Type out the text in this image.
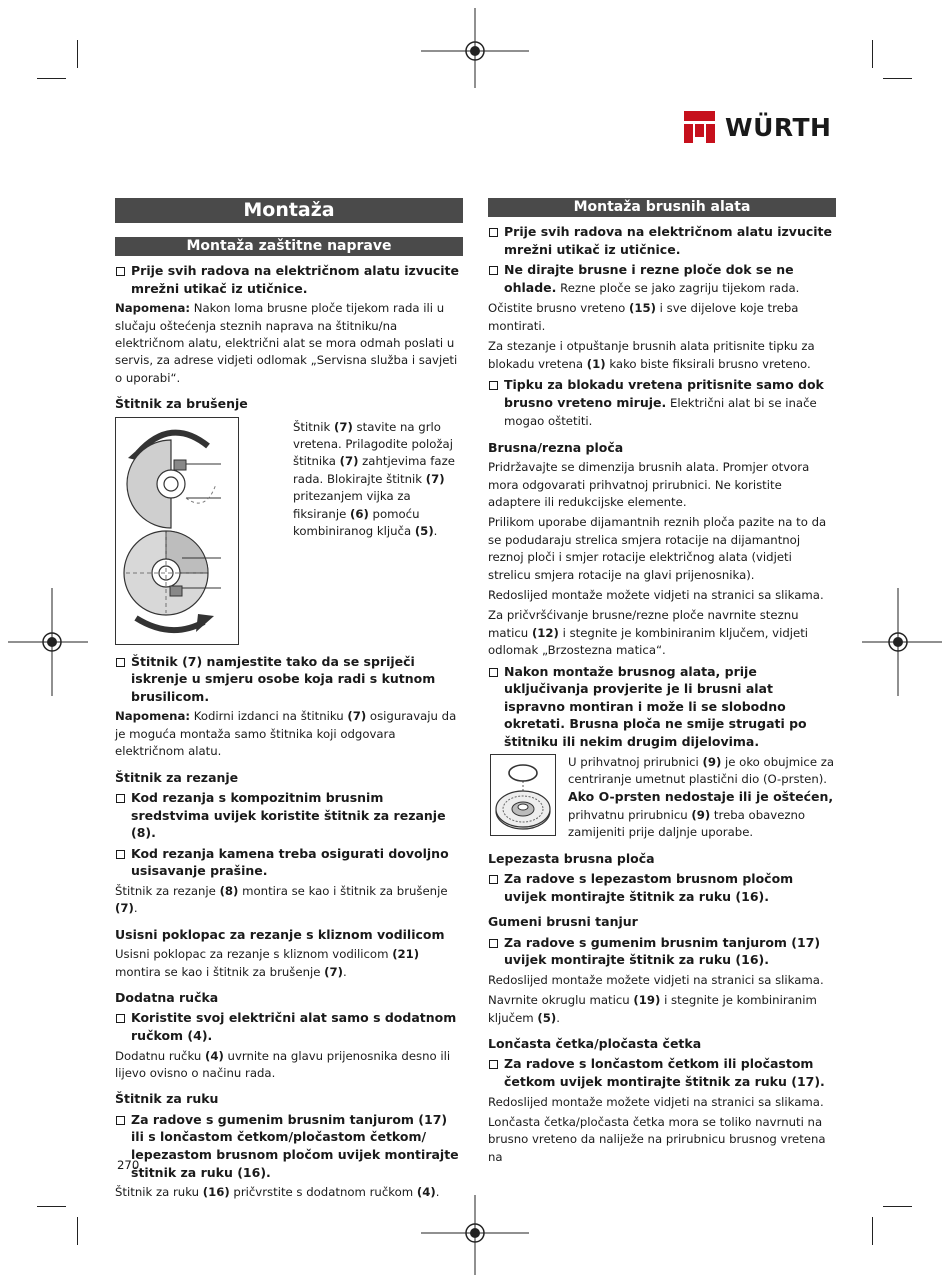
WÜRTH
Montaža
Montaža zaštitne naprave
Prije svih radova na električnom alatu izvucite mrežni utikač iz utičnice.

Napomena: Nakon loma brusne ploče tijekom rada ili u slučaju oštećenja steznih naprava na štitniku/na električnom alatu, električni alat se mora odmah poslati u servis, za adrese vidjeti odlomak „Servisna služba i savjeti o uporabi“.

Štitnik za brušenje
Štitnik (7) stavite na grlo vretena. Prilagodite položaj štitnika (7) zahtjevima faze rada. Blokirajte štitnik (7) pritezanjem vijka za fiksiranje (6) pomoću kombiniranog ključa (5).
Štitnik (7) namjestite tako da se spriječi iskrenje u smjeru osobe koja radi s kutnom brusilicom.

Napomena: Kodirni izdanci na štitniku (7) osiguravaju da je moguća montaža samo štitnika koji odgovara električnom alatu.

Štitnik za rezanje
Kod rezanja s kompozitnim brusnim sredstvima uvijek koristite štitnik za rezanje (8).
Kod rezanja kamena treba osigurati dovoljno usisavanje prašine.

Štitnik za rezanje (8) montira se kao i štitnik za brušenje (7).

Usisni poklopac za rezanje s kliznom vodilicom

Usisni poklopac za rezanje s kliznom vodilicom (21) montira se kao i štitnik za brušenje (7).

Dodatna ručka
Koristite svoj električni alat samo s dodatnom ručkom (4).

Dodatnu ručku (4) uvrnite na glavu prijenosnika desno ili lijevo ovisno o načinu rada.

Štitnik za ruku
Za radove s gumenim brusnim tanjurom (17) ili s lončastom četkom/pločastom četkom/ lepezastom brusnom pločom uvijek montirajte štitnik za ruku (16).

Štitnik za ruku (16) pričvrstite s dodatnom ručkom (4).

Montaža brusnih alata
Prije svih radova na električnom alatu izvucite mrežni utikač iz utičnice.
Ne dirajte brusne i rezne ploče dok se ne ohlade. Rezne ploče se jako zagriju tijekom rada.

Očistite brusno vreteno (15) i sve dijelove koje treba montirati.

Za stezanje i otpuštanje brusnih alata pritisnite tipku za blokadu vretena (1) kako biste fiksirali brusno vreteno.

Tipku za blokadu vretena pritisnite samo dok brusno vreteno miruje. Električni alat bi se inače mogao oštetiti.
Brusna/rezna ploča

Pridržavajte se dimenzija brusnih alata. Promjer otvora mora odgovarati prihvatnoj prirubnici. Ne koristite adaptere ili redukcijske elemente.

Prilikom uporabe dijamantnih reznih ploča pazite na to da se podudaraju strelica smjera rotacije na dijamantnoj reznoj ploči i smjer rotacije električnog alata (vidjeti strelicu smjera rotacije na glavi prijenosnika).

Redoslijed montaže možete vidjeti na stranici sa slikama.

Za pričvršćivanje brusne/rezne ploče navrnite steznu maticu (12) i stegnite je kombiniranim ključem, vidjeti odlomak „Brzostezna matica“.

Nakon montaže brusnog alata, prije uključivanja provjerite je li brusni alat ispravno montiran i može li se slobodno okretati. Brusna ploča ne smije strugati po štitniku ili nekim drugim dijelovima.
U prihvatnoj prirubnici (9) je oko obujmice za centriranje umetnut plastični dio (O-prsten). Ako O-prsten nedostaje ili je oštećen, prihvatnu prirubnicu (9) treba obavezno zamijeniti prije daljnje uporabe.
Lepezasta brusna ploča
Za radove s lepezastom brusnom pločom uvijek montirajte štitnik za ruku (16).
Gumeni brusni tanjur
Za radove s gumenim brusnim tanjurom (17) uvijek montirajte štitnik za ruku (16).

Redoslijed montaže možete vidjeti na stranici sa slikama.

Navrnite okruglu maticu (19) i stegnite je kombiniranim ključem (5).

Lončasta četka/pločasta četka
Za radove s lončastom četkom ili pločastom četkom uvijek montirajte štitnik za ruku (17).

Redoslijed montaže možete vidjeti na stranici sa slikama.

Lončasta četka/pločasta četka mora se toliko navrnuti na brusno vreteno da naliježe na prirubnicu brusnog vretena na

270
